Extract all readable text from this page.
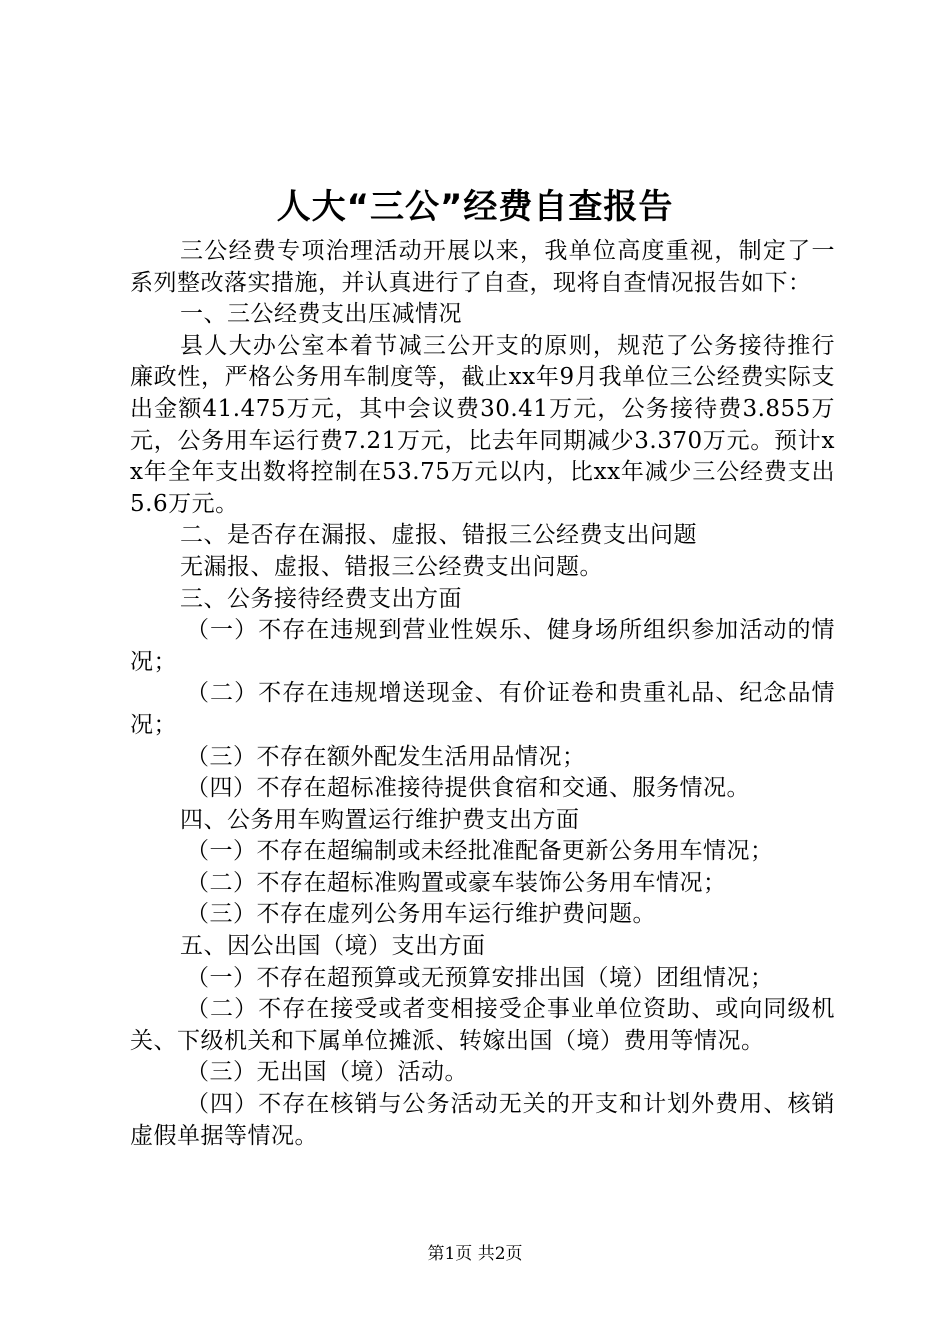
人大“三公”经费自查报告

三公经费专项治理活动开展以来，我单位高度重视，制定了一系列整改落实措施，并认真进行了自查，现将自查情况报告如下：

一、三公经费支出压减情况

县人大办公室本着节减三公开支的原则，规范了公务接待推行廉政性，严格公务用车制度等，截止xx年9月我单位三公经费实际支出金额41.475万元，其中会议费30.41万元，公务接待费3.855万元，公务用车运行费7.21万元，比去年同期减少3.370万元。预计xx年全年支出数将控制在53.75万元以内，比xx年减少三公经费支出5.6万元。

二、是否存在漏报、虚报、错报三公经费支出问题

无漏报、虚报、错报三公经费支出问题。

三、公务接待经费支出方面

（一）不存在违规到营业性娱乐、健身场所组织参加活动的情况；

（二）不存在违规增送现金、有价证卷和贵重礼品、纪念品情况；

（三）不存在额外配发生活用品情况；

（四）不存在超标准接待提供食宿和交通、服务情况。

四、公务用车购置运行维护费支出方面

（一）不存在超编制或未经批准配备更新公务用车情况；

（二）不存在超标准购置或豪车装饰公务用车情况；

（三）不存在虚列公务用车运行维护费问题。

五、因公出国（境）支出方面

（一）不存在超预算或无预算安排出国（境）团组情况；

（二）不存在接受或者变相接受企事业单位资助、或向同级机关、下级机关和下属单位摊派、转嫁出国（境）费用等情况。

（三）无出国（境）活动。

（四）不存在核销与公务活动无关的开支和计划外费用、核销虚假单据等情况。

第1页 共2页
